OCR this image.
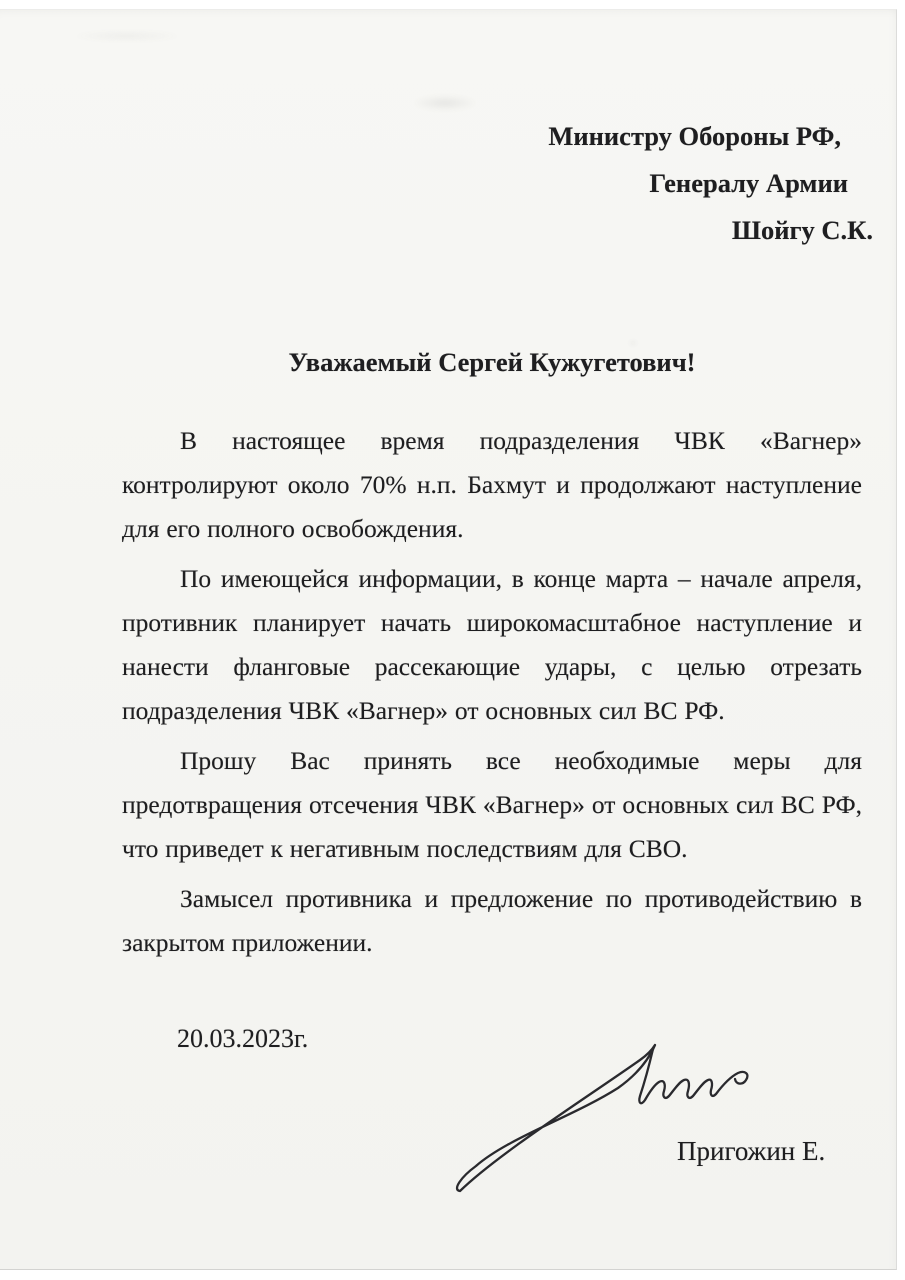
Министру Обороны РФ,
Генералу Армии
Шойгу С.К.
Уважаемый Сергей Кужугетович!

В настоящее время подразделения ЧВК «Вагнер»
контролируют около 70% н.п. Бахмут и продолжают наступление
для его полного освобождения.

По имеющейся информации, в конце марта – начале апреля,
противник планирует начать широкомасштабное наступление и
нанести фланговые рассекающие удары, с целью отрезать
подразделения ЧВК «Вагнер» от основных сил ВС РФ.

Прошу Вас принять все необходимые меры для
предотвращения отсечения ЧВК «Вагнер» от основных сил ВС РФ,
что приведет к негативным последствиям для СВО.

Замысел противника и предложение по противодействию в
закрытом приложении.

20.03.2023г.
Пригожин Е.
